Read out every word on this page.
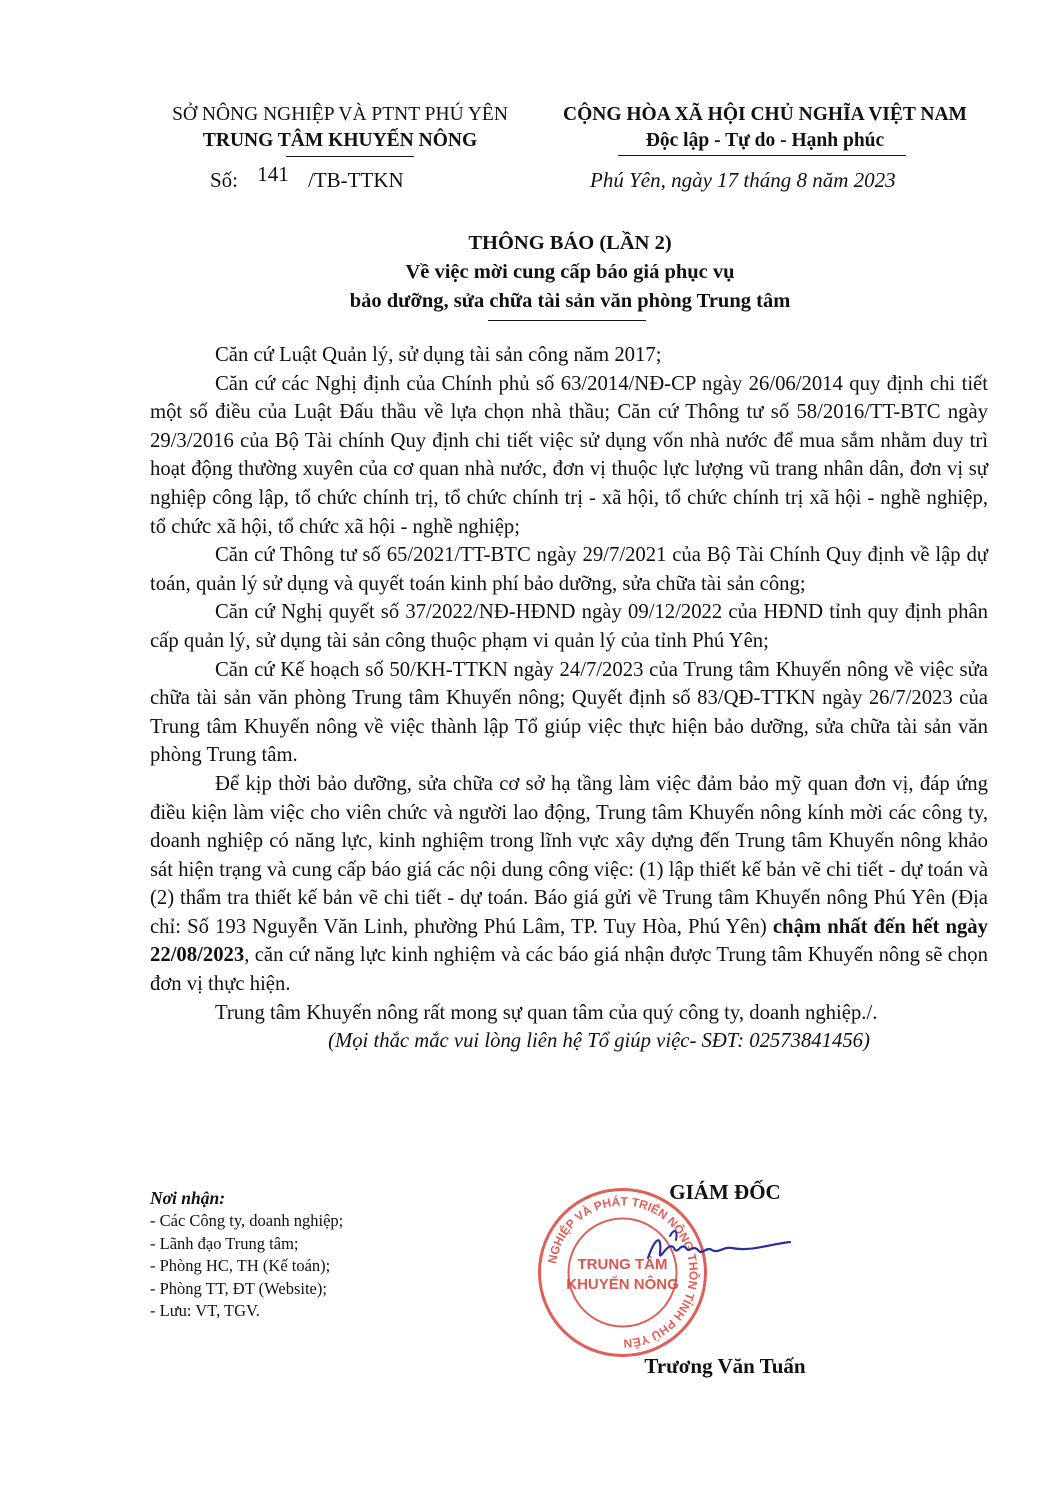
SỞ NÔNG NGHIỆP VÀ PTNT PHÚ YÊN
TRUNG TÂM KHUYẾN NÔNG
CỘNG HÒA XÃ HỘI CHỦ NGHĨA VIỆT NAM
Độc lập - Tự do - Hạnh phúc
Số: 141 /TB-TTKN	Phú Yên, ngày 17 tháng 8 năm 2023
THÔNG BÁO (LẦN 2)
Về việc mời cung cấp báo giá phục vụ
bảo dưỡng, sửa chữa tài sản văn phòng Trung tâm

Căn cứ Luật Quản lý, sử dụng tài sản công năm 2017;

Căn cứ các Nghị định của Chính phủ số 63/2014/NĐ-CP ngày 26/06/2014 quy định chi tiết một số điều của Luật Đấu thầu về lựa chọn nhà thầu; Căn cứ Thông tư số 58/2016/TT-BTC ngày 29/3/2016 của Bộ Tài chính Quy định chi tiết việc sử dụng vốn nhà nước để mua sắm nhằm duy trì hoạt động thường xuyên của cơ quan nhà nước, đơn vị thuộc lực lượng vũ trang nhân dân, đơn vị sự nghiệp công lập, tổ chức chính trị, tổ chức chính trị - xã hội, tổ chức chính trị xã hội - nghề nghiệp, tổ chức xã hội, tổ chức xã hội - nghề nghiệp;

Căn cứ Thông tư số 65/2021/TT-BTC ngày 29/7/2021 của Bộ Tài Chính Quy định về lập dự toán, quản lý sử dụng và quyết toán kinh phí bảo dưỡng, sửa chữa tài sản công;

Căn cứ Nghị quyết số 37/2022/NĐ-HĐND ngày 09/12/2022 của HĐND tỉnh quy định phân cấp quản lý, sử dụng tài sản công thuộc phạm vi quản lý của tỉnh Phú Yên;

Căn cứ Kế hoạch số 50/KH-TTKN ngày 24/7/2023 của Trung tâm Khuyến nông về việc sửa chữa tài sản văn phòng Trung tâm Khuyến nông; Quyết định số 83/QĐ-TTKN ngày 26/7/2023 của Trung tâm Khuyến nông về việc thành lập Tổ giúp việc thực hiện bảo dưỡng, sửa chữa tài sản văn phòng Trung tâm.

Để kịp thời bảo dưỡng, sửa chữa cơ sở hạ tầng làm việc đảm bảo mỹ quan đơn vị, đáp ứng điều kiện làm việc cho viên chức và người lao động, Trung tâm Khuyến nông kính mời các công ty, doanh nghiệp có năng lực, kinh nghiệm trong lĩnh vực xây dựng đến Trung tâm Khuyến nông khảo sát hiện trạng và cung cấp báo giá các nội dung công việc: (1) lập thiết kế bản vẽ chi tiết - dự toán và (2) thẩm tra thiết kế bản vẽ chi tiết - dự toán. Báo giá gửi về Trung tâm Khuyến nông Phú Yên (Địa chỉ: Số 193 Nguyễn Văn Linh, phường Phú Lâm, TP. Tuy Hòa, Phú Yên) chậm nhất đến hết ngày 22/08/2023, căn cứ năng lực kinh nghiệm và các báo giá nhận được Trung tâm Khuyến nông sẽ chọn đơn vị thực hiện.

Trung tâm Khuyến nông rất mong sự quan tâm của quý công ty, doanh nghiệp./.

(Mọi thắc mắc vui lòng liên hệ Tổ giúp việc- SĐT: 02573841456)

Nơi nhận:
- Các Công ty, doanh nghiệp;
- Lãnh đạo Trung tâm;
- Phòng HC, TH (Kế toán);
- Phòng TT, ĐT (Website);
- Lưu: VT, TGV.
GIÁM ĐỐC
NGHIỆP VÀ PHÁT TRIỂN NÔNG THÔN TỈNH PHÚ YÊN
TRUNG TÂM
KHUYẾN NÔNG
Trương Văn Tuấn
